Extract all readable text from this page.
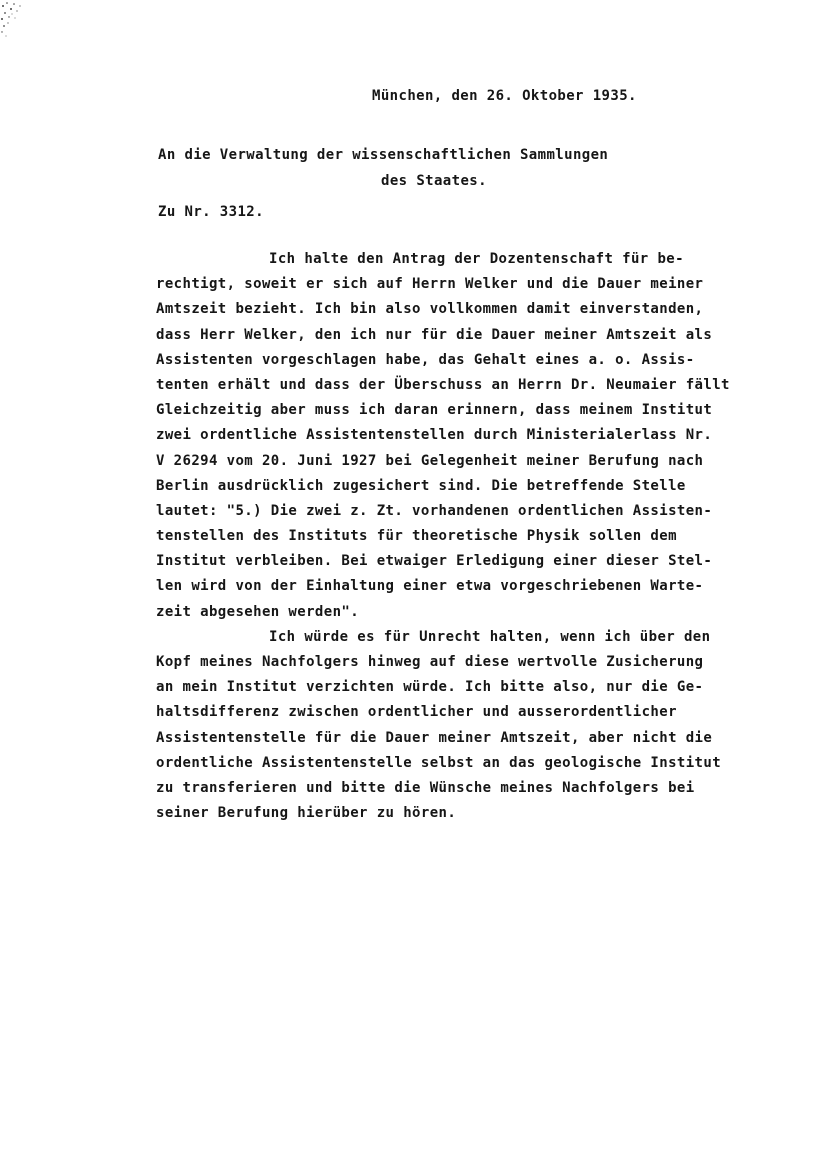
München, den 26. Oktober 1935.
An die Verwaltung der wissenschaftlichen Sammlungen
des Staates.
Zu Nr. 3312.
Ich halte den Antrag der Dozentenschaft für be-
rechtigt, soweit er sich auf Herrn Welker und die Dauer meiner
Amtszeit bezieht. Ich bin also vollkommen damit einverstanden,
dass Herr Welker, den ich nur für die Dauer meiner Amtszeit als
Assistenten vorgeschlagen habe, das Gehalt eines a. o. Assis-
tenten erhält und dass der Überschuss an Herrn Dr. Neumaier fällt
Gleichzeitig aber muss ich daran erinnern, dass meinem Institut
zwei ordentliche Assistentenstellen durch Ministerialerlass Nr.
V 26294 vom 20. Juni 1927 bei Gelegenheit meiner Berufung nach
Berlin ausdrücklich zugesichert sind. Die betreffende Stelle
lautet: "5.) Die zwei z. Zt. vorhandenen ordentlichen Assisten-
tenstellen des Instituts für theoretische Physik sollen dem
Institut verbleiben. Bei etwaiger Erledigung einer dieser Stel-
len wird von der Einhaltung einer etwa vorgeschriebenen Warte-
zeit abgesehen werden".
Ich würde es für Unrecht halten, wenn ich über den
Kopf meines Nachfolgers hinweg auf diese wertvolle Zusicherung
an mein Institut verzichten würde. Ich bitte also, nur die Ge-
haltsdifferenz zwischen ordentlicher und ausserordentlicher
Assistentenstelle für die Dauer meiner Amtszeit, aber nicht die
ordentliche Assistentenstelle selbst an das geologische Institut
zu transferieren und bitte die Wünsche meines Nachfolgers bei
seiner Berufung hierüber zu hören.
